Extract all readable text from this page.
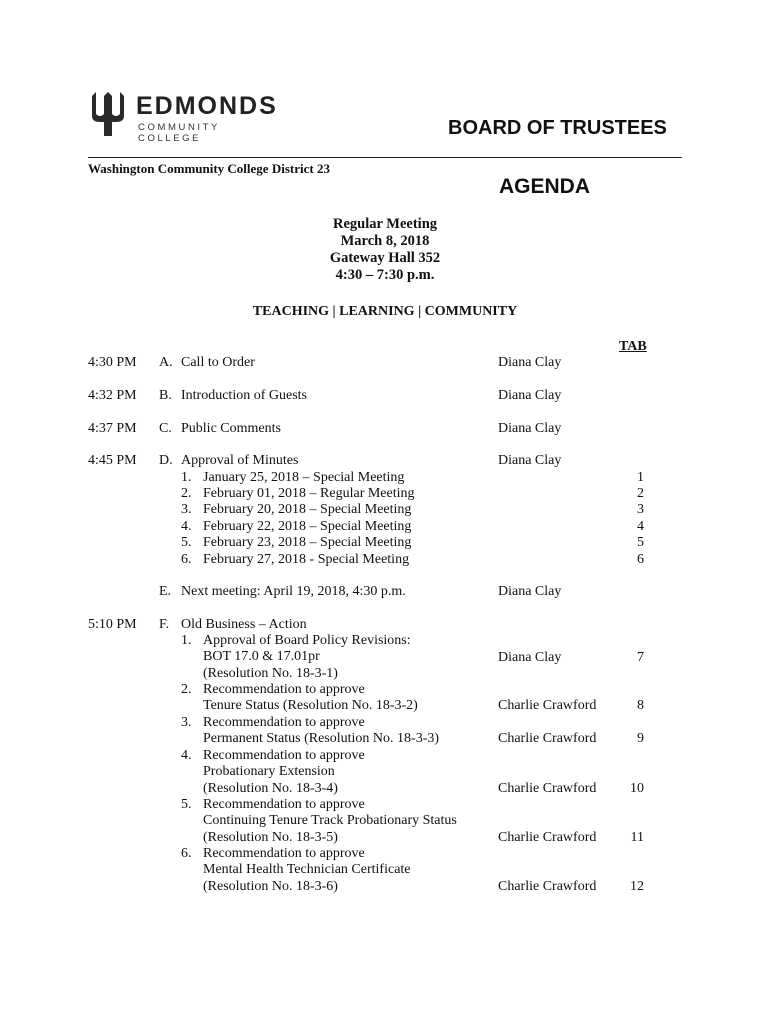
EDMONDS
COMMUNITY COLLEGE	BOARD OF TRUSTEES
Washington Community College District 23
AGENDA
Regular Meeting
March 8, 2018
Gateway Hall 352
4:30 – 7:30 p.m.
TEACHING | LEARNING | COMMUNITY
TAB
4:30 PM A. Call to Order	Diana Clay
4:32 PM B. Introduction of Guests	Diana Clay
4:37 PM C. Public Comments	Diana Clay
4:45 PM D. Approval of Minutes	Diana Clay
1. January 25, 2018 – Special Meeting	1
2. February 01, 2018 – Regular Meeting	2
3. February 20, 2018 – Special Meeting	3
4. February 22, 2018 – Special Meeting	4
5. February 23, 2018 – Special Meeting	5
6. February 27, 2018 - Special Meeting	6
E. Next meeting: April 19, 2018, 4:30 p.m.	Diana Clay
5:10 PM F. Old Business – Action
1. Approval of Board Policy Revisions:
BOT 17.0 & 17.01pr
(Resolution No. 18-3-1)
Diana Clay	7
2. Recommendation to approve
Tenure Status (Resolution No. 18-3-2)	Charlie Crawford	8
3. Recommendation to approve
Permanent Status (Resolution No. 18-3-3)	Charlie Crawford	9
4. Recommendation to approve
Probationary Extension
(Resolution No. 18-3-4)	Charlie Crawford	10
5. Recommendation to approve
Continuing Tenure Track Probationary Status
(Resolution No. 18-3-5)	Charlie Crawford	11
6. Recommendation to approve
Mental Health Technician Certificate
(Resolution No. 18-3-6)	Charlie Crawford	12
